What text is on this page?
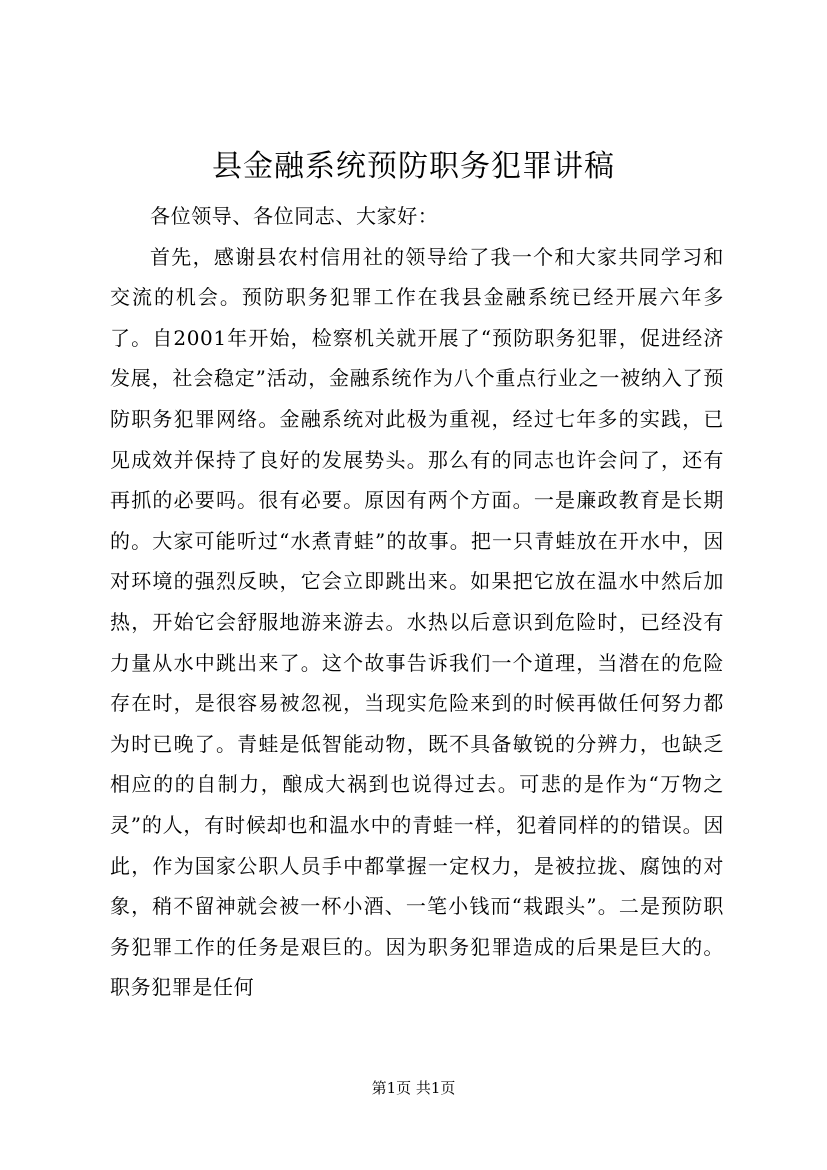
县金融系统预防职务犯罪讲稿

各位领导、各位同志、大家好：

首先，感谢县农村信用社的领导给了我一个和大家共同学习和交流的机会。预防职务犯罪工作在我县金融系统已经开展六年多了。自2001年开始，检察机关就开展了“预防职务犯罪，促进经济发展，社会稳定”活动，金融系统作为八个重点行业之一被纳入了预防职务犯罪网络。金融系统对此极为重视，经过七年多的实践，已见成效并保持了良好的发展势头。那么有的同志也许会问了，还有再抓的必要吗。很有必要。原因有两个方面。一是廉政教育是长期的。大家可能听过“水煮青蛙”的故事。把一只青蛙放在开水中，因对环境的强烈反映，它会立即跳出来。如果把它放在温水中然后加热，开始它会舒服地游来游去。水热以后意识到危险时，已经没有力量从水中跳出来了。这个故事告诉我们一个道理，当潜在的危险存在时，是很容易被忽视，当现实危险来到的时候再做任何努力都为时已晚了。青蛙是低智能动物，既不具备敏锐的分辨力，也缺乏相应的的自制力，酿成大祸到也说得过去。可悲的是作为“万物之灵”的人，有时候却也和温水中的青蛙一样，犯着同样的的错误。因此，作为国家公职人员手中都掌握一定权力，是被拉拢、腐蚀的对象，稍不留神就会被一杯小酒、一笔小钱而“栽跟头”。二是预防职务犯罪工作的任务是艰巨的。因为职务犯罪造成的后果是巨大的。职务犯罪是任何

第1页 共1页
